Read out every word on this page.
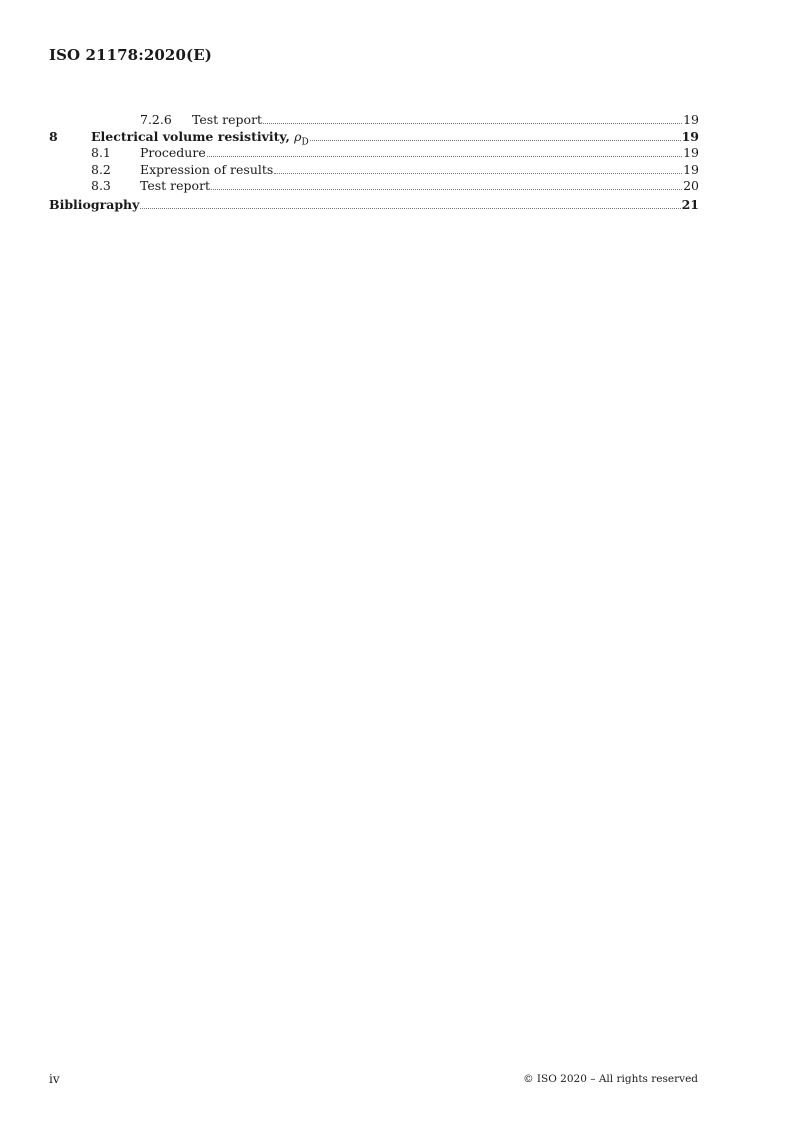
ISO 21178:2020(E)
7.2.6	Test report	19
8	Electrical volume resistivity, $\rho_D$	19
8.1	Procedure	19
8.2	Expression of results	19
8.3	Test report	20
Bibliography	21
iv	© ISO 2020 – All rights reserved
